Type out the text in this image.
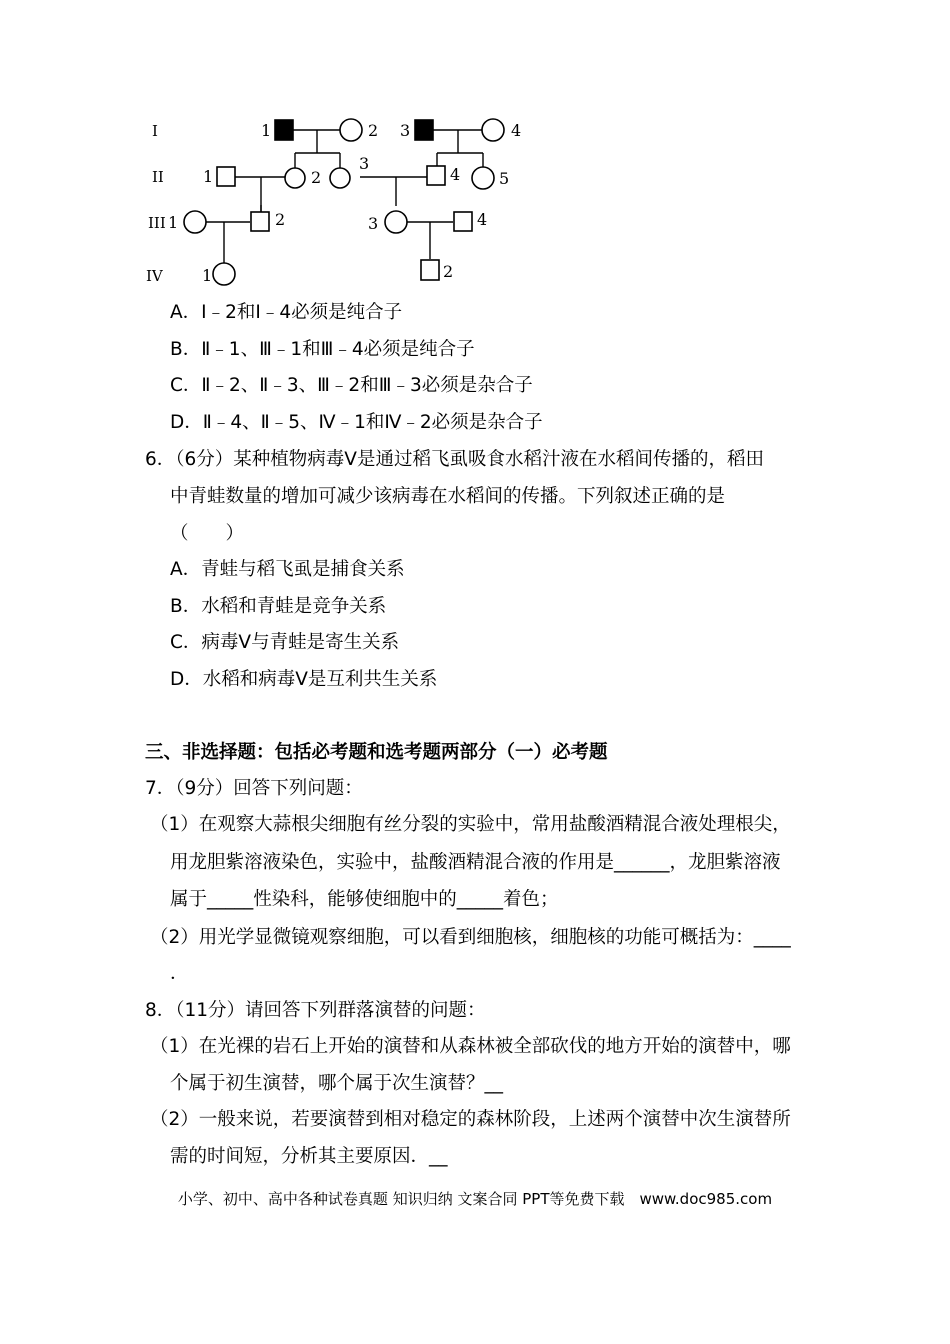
I
II
III
IV
1	2 3	4
1	2
3
4 5
1	2	3	4
1	2
A．Ⅰ﹣2和Ⅰ﹣4必须是纯合子
B．Ⅱ﹣1、Ⅲ﹣1和Ⅲ﹣4必须是纯合子
C．Ⅱ﹣2、Ⅱ﹣3、Ⅲ﹣2和Ⅲ﹣3必须是杂合子
D．Ⅱ﹣4、Ⅱ﹣5、Ⅳ﹣1和Ⅳ﹣2必须是杂合子
6．（6分）某种植物病毒V是通过稻飞虱吸食水稻汁液在水稻间传播的，稻田
中青蛙数量的增加可减少该病毒在水稻间的传播。下列叙述正确的是
（　　）
A．青蛙与稻飞虱是捕食关系
B．水稻和青蛙是竞争关系
C．病毒V与青蛙是寄生关系
D．水稻和病毒V是互利共生关系
三、非选择题：包括必考题和选考题两部分（一）必考题
7．（9分）回答下列问题：
（1）在观察大蒜根尖细胞有丝分裂的实验中，常用盐酸酒精混合液处理根尖，
用龙胆紫溶液染色，实验中，盐酸酒精混合液的作用是______，龙胆紫溶液
属于_____性染科，能够使细胞中的_____着色；
（2）用光学显微镜观察细胞，可以看到细胞核，细胞核的功能可概括为：____
．
8．（11分）请回答下列群落演替的问题：
（1）在光裸的岩石上开始的演替和从森林被全部砍伐的地方开始的演替中，哪
个属于初生演替，哪个属于次生演替？__
（2）一般来说，若要演替到相对稳定的森林阶段，上述两个演替中次生演替所
需的时间短，分析其主要原因．__
小学、初中、高中各种试卷真题 知识归纳 文案合同 PPT等免费下载　www.doc985.com
